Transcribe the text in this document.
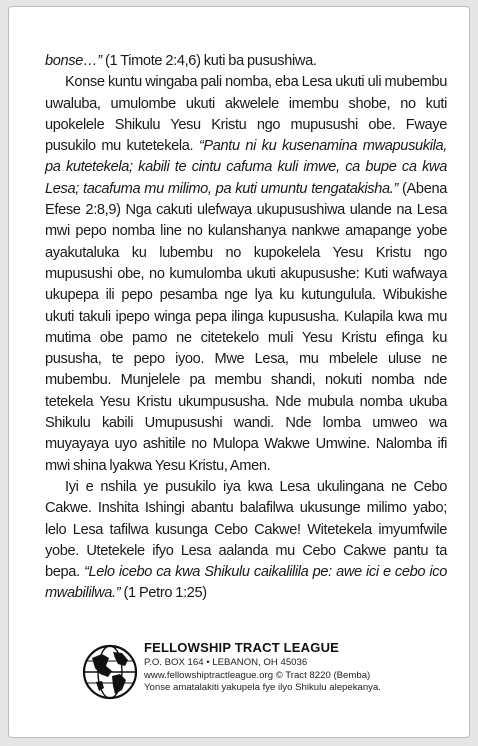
bonse…” (1 Timote 2:4,6) kuti ba pusushiwa.

Konse kuntu wingaba pali nomba, eba Lesa ukuti uli mubembu uwaluba, umulombe ukuti akwelele imembu shobe, no kuti upokelele Shikulu Yesu Kristu ngo mupusushi obe. Fwaye pusukilo mu kutetekela. “Pantu ni ku kusenamina mwapusukila, pa kutetekela; kabili te cintu cafuma kuli imwe, ca bupe ca kwa Lesa; tacafuma mu milimo, pa kuti umuntu tengatakisha.” (Abena Efese 2:8,9) Nga cakuti ulefwaya ukupusushiwa ulande na Lesa mwi pepo nomba line no kulanshanya nankwe amapange yobe ayakutaluka ku lubembu no kupokelela Yesu Kristu ngo mupusushi obe, no kumulomba ukuti akupusushe: Kuti wafwaya ukupepa ili pepo pesamba nge lya ku kutungulula. Wibukishe ukuti takuli ipepo winga pepa ilinga kupususha. Kulapila kwa mu mutima obe pamo ne citetekelo muli Yesu Kristu efinga ku pususha, te pepo iyoo. Mwe Lesa, mu mbelele uluse ne mubembu. Munjelele pa membu shandi, nokuti nomba nde tetekela Yesu Kristu ukumpususha. Nde mubula nomba ukuba Shikulu kabili Umupusushi wandi. Nde lomba umweo wa muyayaya uyo ashitile no Mulopa Wakwe Umwine. Nalomba ifi mwi shina lyakwa Yesu Kristu, Amen.

Iyi e nshila ye pusukilo iya kwa Lesa ukulingana ne Cebo Cakwe. Inshita Ishingi abantu balafilwa ukusunge milimo yabo; lelo Lesa tafilwa kusunga Cebo Cakwe! Witetekela imyumfwile yobe. Utetekele ifyo Lesa aalanda mu Cebo Cakwe pantu ta bepa. “Lelo icebo ca kwa Shikulu caikalilila pe: awe ici e cebo ico mwabililwa.” (1 Petro 1:25)

FELLOWSHIP TRACT LEAGUE
P.O. BOX 164 • LEBANON, OH 45036
www.fellowshiptractleague.org © Tract 8220 (Bemba)
Yonse amatalakiti yakupela fye ilyo Shikulu alepekanya.
